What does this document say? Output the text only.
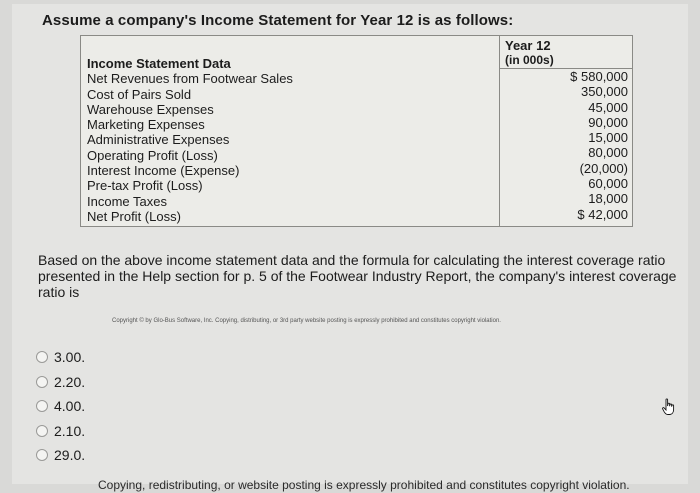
Assume a company's Income Statement for Year 12 is as follows:
Year 12
(in 000s)
Income Statement Data
Net Revenues from Footwear Sales
Cost of Pairs Sold
Warehouse Expenses
Marketing Expenses
Administrative Expenses
Operating Profit (Loss)
Interest Income (Expense)
Pre-tax Profit (Loss)
Income Taxes
Net Profit (Loss)
$ 580,000
350,000
45,000
90,000
15,000
80,000
(20,000)
60,000
18,000
$ 42,000
Based on the above income statement data and the formula for calculating the interest coverage ratio presented in the Help section for p. 5 of the Footwear Industry Report, the company's interest coverage ratio is
Copyright © by Glo-Bus Software, Inc. Copying, distributing, or 3rd party website posting is expressly prohibited and constitutes copyright violation.
3.00.
2.20.
4.00.
2.10.
29.0.
Copying, redistributing, or website posting is expressly prohibited and constitutes copyright violation.
